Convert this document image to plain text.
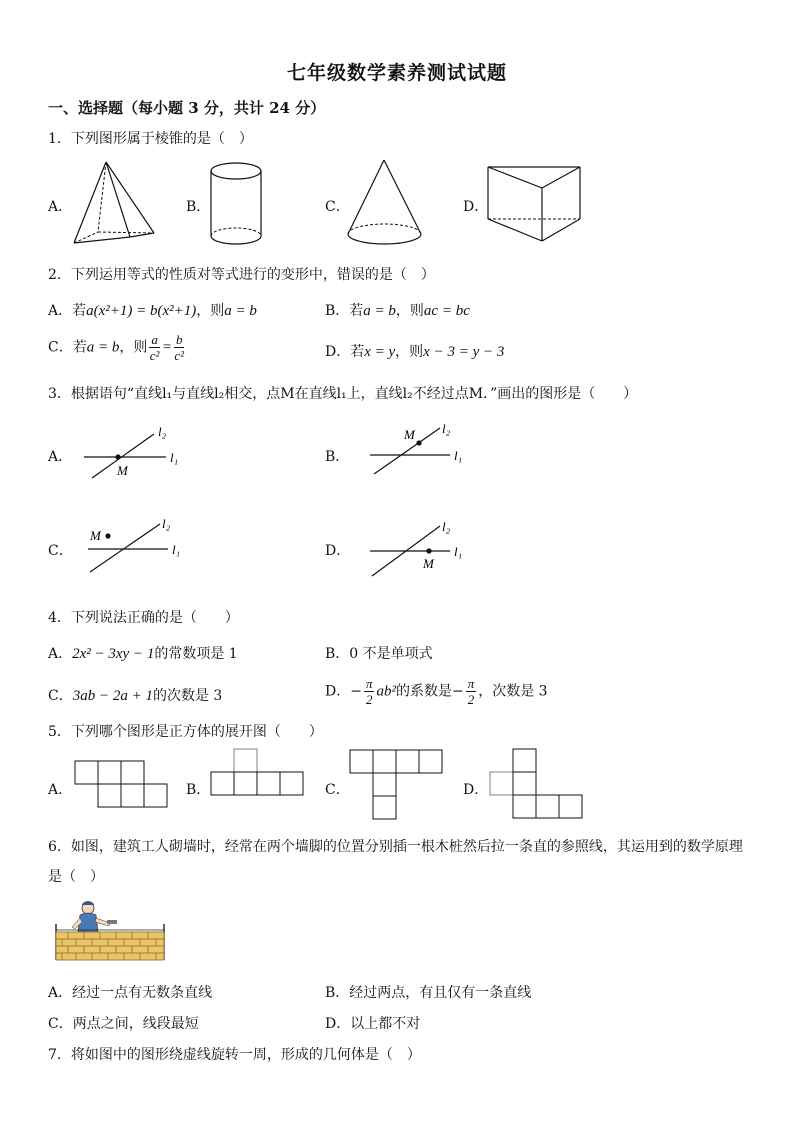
七年级数学素养测试试题
一、选择题（每小题 3 分，共计 24 分）
1．下列图形属于棱锥的是（　）
A．	B．	C．	D．
2．下列运用等式的性质对等式进行的变形中，错误的是（　）
A．若a(x²+1) = b(x²+1)，则a = b	B．若a = b，则ac = bc
C．若a = b，则 $\frac{a}{\text{c²}} = \frac{b}{\text{c²}}$	D．若x = y，则x − 3 = y − 3
3．根据语句“直线l₁与直线l₂相交，点M在直线l₁上，直线l₂不经过点M．”画出的图形是（　　）
A．
l₂
l₁
M
B．
l₂
l₁
M
C．
l₂
l₁
M
D．
l₂
l₁
M
4．下列说法正确的是（　　）
A．2x² − 3xy − 1的常数项是 1	B．0 不是单项式
C．3ab − 2a + 1的次数是 3	D．− $\frac{\pi}{2} ab^2$的系数是− $\frac{\pi}{2}$ ，次数是 3
5．下列哪个图形是正方体的展开图（　　）
A．	B．	C．	D．
6．如图，建筑工人砌墙时，经常在两个墙脚的位置分别插一根木桩然后拉一条直的参照线，其运用到的数学原理
是（　）
A．经过一点有无数条直线	B．经过两点，有且仅有一条直线
C．两点之间，线段最短	D．以上都不对
7．将如图中的图形绕虚线旋转一周，形成的几何体是（　）
